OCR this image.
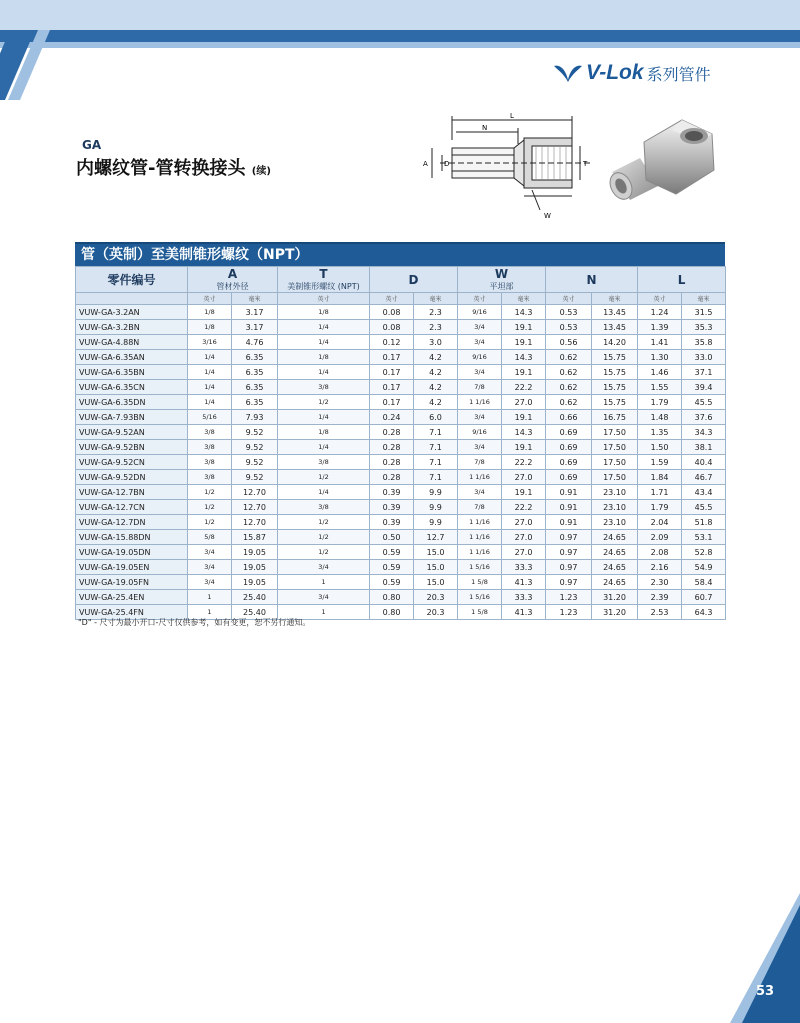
V-Lok 系列管件
GA
内螺纹管-管转换接头 (续)
L
N
A D	T
W
管（英制）至美制锥形螺纹（NPT）
零件编号	A		T	D		W		N		L	
	管材外径		美制锥形螺纹 (NPT)			平坦部					
	英寸	毫米	英寸	英寸	毫米	英寸	毫米	英寸	毫米	英寸	毫米
VUW-GA-3.2AN	1/8	3.17	1/8	0.08	2.3	9/16	14.3	0.53	13.45	1.24	31.5
VUW-GA-3.2BN	1/8	3.17	1/4	0.08	2.3	3/4	19.1	0.53	13.45	1.39	35.3
VUW-GA-4.88N	3/16	4.76	1/4	0.12	3.0	3/4	19.1	0.56	14.20	1.41	35.8
VUW-GA-6.35AN	1/4	6.35	1/8	0.17	4.2	9/16	14.3	0.62	15.75	1.30	33.0
VUW-GA-6.35BN	1/4	6.35	1/4	0.17	4.2	3/4	19.1	0.62	15.75	1.46	37.1
VUW-GA-6.35CN	1/4	6.35	3/8	0.17	4.2	7/8	22.2	0.62	15.75	1.55	39.4
VUW-GA-6.35DN	1/4	6.35	1/2	0.17	4.2	1 1/16	27.0	0.62	15.75	1.79	45.5
VUW-GA-7.93BN	5/16	7.93	1/4	0.24	6.0	3/4	19.1	0.66	16.75	1.48	37.6
VUW-GA-9.52AN	3/8	9.52	1/8	0.28	7.1	9/16	14.3	0.69	17.50	1.35	34.3
VUW-GA-9.52BN	3/8	9.52	1/4	0.28	7.1	3/4	19.1	0.69	17.50	1.50	38.1
VUW-GA-9.52CN	3/8	9.52	3/8	0.28	7.1	7/8	22.2	0.69	17.50	1.59	40.4
VUW-GA-9.52DN	3/8	9.52	1/2	0.28	7.1	1 1/16	27.0	0.69	17.50	1.84	46.7
VUW-GA-12.7BN	1/2	12.70	1/4	0.39	9.9	3/4	19.1	0.91	23.10	1.71	43.4
VUW-GA-12.7CN	1/2	12.70	3/8	0.39	9.9	7/8	22.2	0.91	23.10	1.79	45.5
VUW-GA-12.7DN	1/2	12.70	1/2	0.39	9.9	1 1/16	27.0	0.91	23.10	2.04	51.8
VUW-GA-15.88DN	5/8	15.87	1/2	0.50	12.7	1 1/16	27.0	0.97	24.65	2.09	53.1
VUW-GA-19.05DN	3/4	19.05	1/2	0.59	15.0	1 1/16	27.0	0.97	24.65	2.08	52.8
VUW-GA-19.05EN	3/4	19.05	3/4	0.59	15.0	1 5/16	33.3	0.97	24.65	2.16	54.9
VUW-GA-19.05FN	3/4	19.05	1	0.59	15.0	1 5/8	41.3	0.97	24.65	2.30	58.4
VUW-GA-25.4EN	1	25.40	3/4	0.80	20.3	1 5/16	33.3	1.23	31.20	2.39	60.7
VUW-GA-25.4FN	1	25.40	1	0.80	20.3	1 5/8	41.3	1.23	31.20	2.53	64.3
"D" - 尺寸为最小开口-尺寸仅供参考，如有变更，恕不另行通知。
53
